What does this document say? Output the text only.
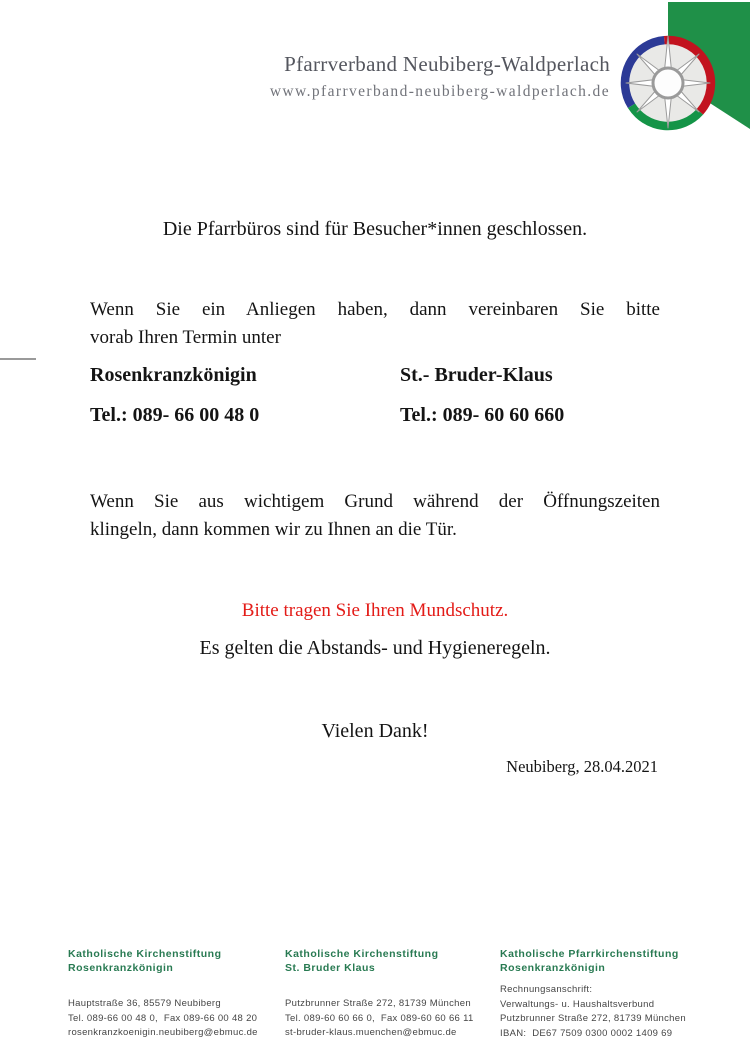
Pfarrverband Neubiberg-Waldperlach
www.pfarrverband-neubiberg-waldperlach.de
Die Pfarrbüros sind für Besucher*innen geschlossen.
Wenn Sie ein Anliegen haben, dann vereinbaren Sie bitte
vorab Ihren Termin unter
Rosenkranzkönigin
Tel.: 089- 66 00 48 0
St.- Bruder-Klaus
Tel.: 089- 60 60 660
Wenn Sie aus wichtigem Grund während der Öffnungszeiten
klingeln, dann kommen wir zu Ihnen an die Tür.
Bitte tragen Sie Ihren Mundschutz.
Es gelten die Abstands- und Hygieneregeln.
Vielen Dank!
Neubiberg, 28.04.2021
Katholische Kirchenstiftung
Rosenkranzkönigin
Hauptstraße 36, 85579 Neubiberg
Tel. 089-66 00 48 0,  Fax 089-66 00 48 20
rosenkranzkoenigin.neubiberg@ebmuc.de
Katholische Kirchenstiftung
St. Bruder Klaus
Putzbrunner Straße 272, 81739 München
Tel. 089-60 60 66 0,  Fax 089-60 60 66 11
st-bruder-klaus.muenchen@ebmuc.de
Katholische Pfarrkirchenstiftung
Rosenkranzkönigin
Rechnungsanschrift:
Verwaltungs- u. Haushaltsverbund
Putzbrunner Straße 272, 81739 München
IBAN:  DE67 7509 0300 0002 1409 69
